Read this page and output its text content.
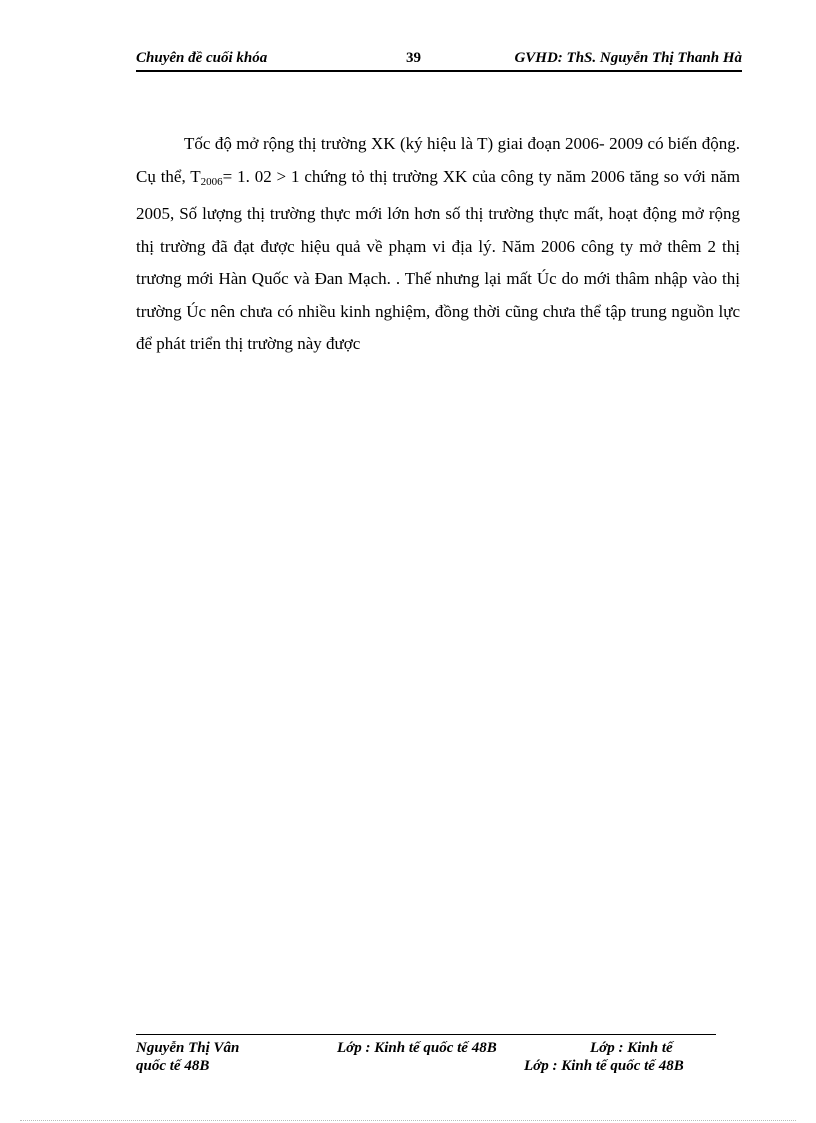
Chuyên đề cuối khóa	39	GVHD: ThS. Nguyễn Thị Thanh Hà

Tốc độ mở rộng thị trường XK (ký hiệu là T) giai đoạn 2006- 2009 có biến động. Cụ thể, $T_{2006}= 1$. 02 > 1 chứng tỏ thị trường XK của công ty năm 2006 tăng so với năm 2005, Số lượng thị trường thực mới lớn hơn số thị trường thực mất, hoạt động mở rộng thị trường đã đạt được hiệu quả về phạm vi địa lý. Năm 2006 công ty mở thêm 2 thị trương mới Hàn Quốc và Đan Mạch. . Thế nhưng lại mất Úc do mới thâm nhập vào thị trường Úc nên chưa có nhiều kinh nghiệm, đồng thời cũng chưa thể tập trung nguồn lực để phát triển thị trường này được

Nguyễn Thị Vân	Lớp : Kinh tế quốc tế 48B	Lớp : Kinh tế
quốc tế 48B	Lớp : Kinh tế quốc tế 48B
